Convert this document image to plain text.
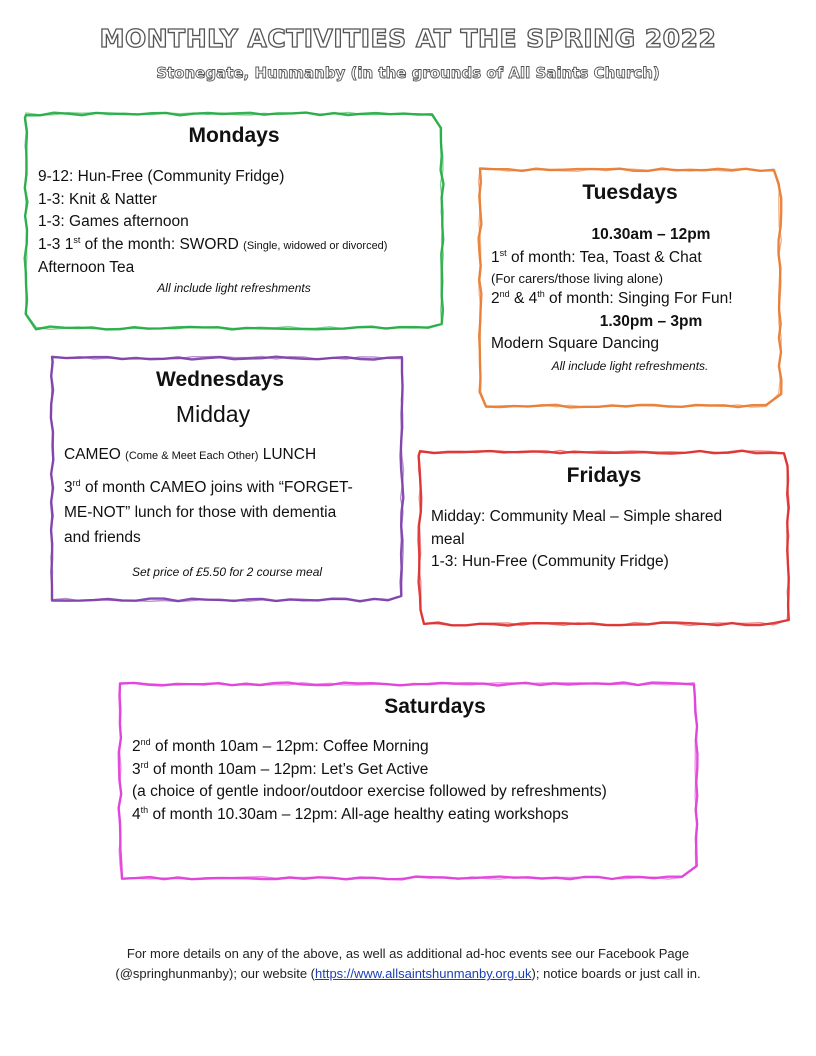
MONTHLY ACTIVITIES AT THE SPRING 2022
Stonegate, Hunmanby (in the grounds of All Saints Church)
Mondays
9-12: Hun-Free (Community Fridge)
1-3: Knit & Natter
1-3: Games afternoon
1-3 1st of the month: SWORD (Single, widowed or divorced)
Afternoon Tea
All include light refreshments
Tuesdays
10.30am – 12pm
1st of month: Tea, Toast & Chat
(For carers/those living alone)
2nd & 4th of month: Singing For Fun!
1.30pm – 3pm
Modern Square Dancing
All include light refreshments.
Wednesdays
Midday
CAMEO (Come & Meet Each Other) LUNCH
3rd of month CAMEO joins with “FORGET-
ME-NOT” lunch for those with dementia
and friends
Set price of £5.50 for 2 course meal
Fridays
Midday: Community Meal – Simple shared
meal
1-3: Hun-Free (Community Fridge)
Saturdays
2nd of month 10am – 12pm: Coffee Morning
3rd of month 10am – 12pm: Let’s Get Active
(a choice of gentle indoor/outdoor exercise followed by refreshments)
4th of month 10.30am – 12pm: All-age healthy eating workshops
For more details on any of the above, as well as additional ad-hoc events see our Facebook Page
(@springhunmanby); our website (https://www.allsaintshunmanby.org.uk); notice boards or just call in.
